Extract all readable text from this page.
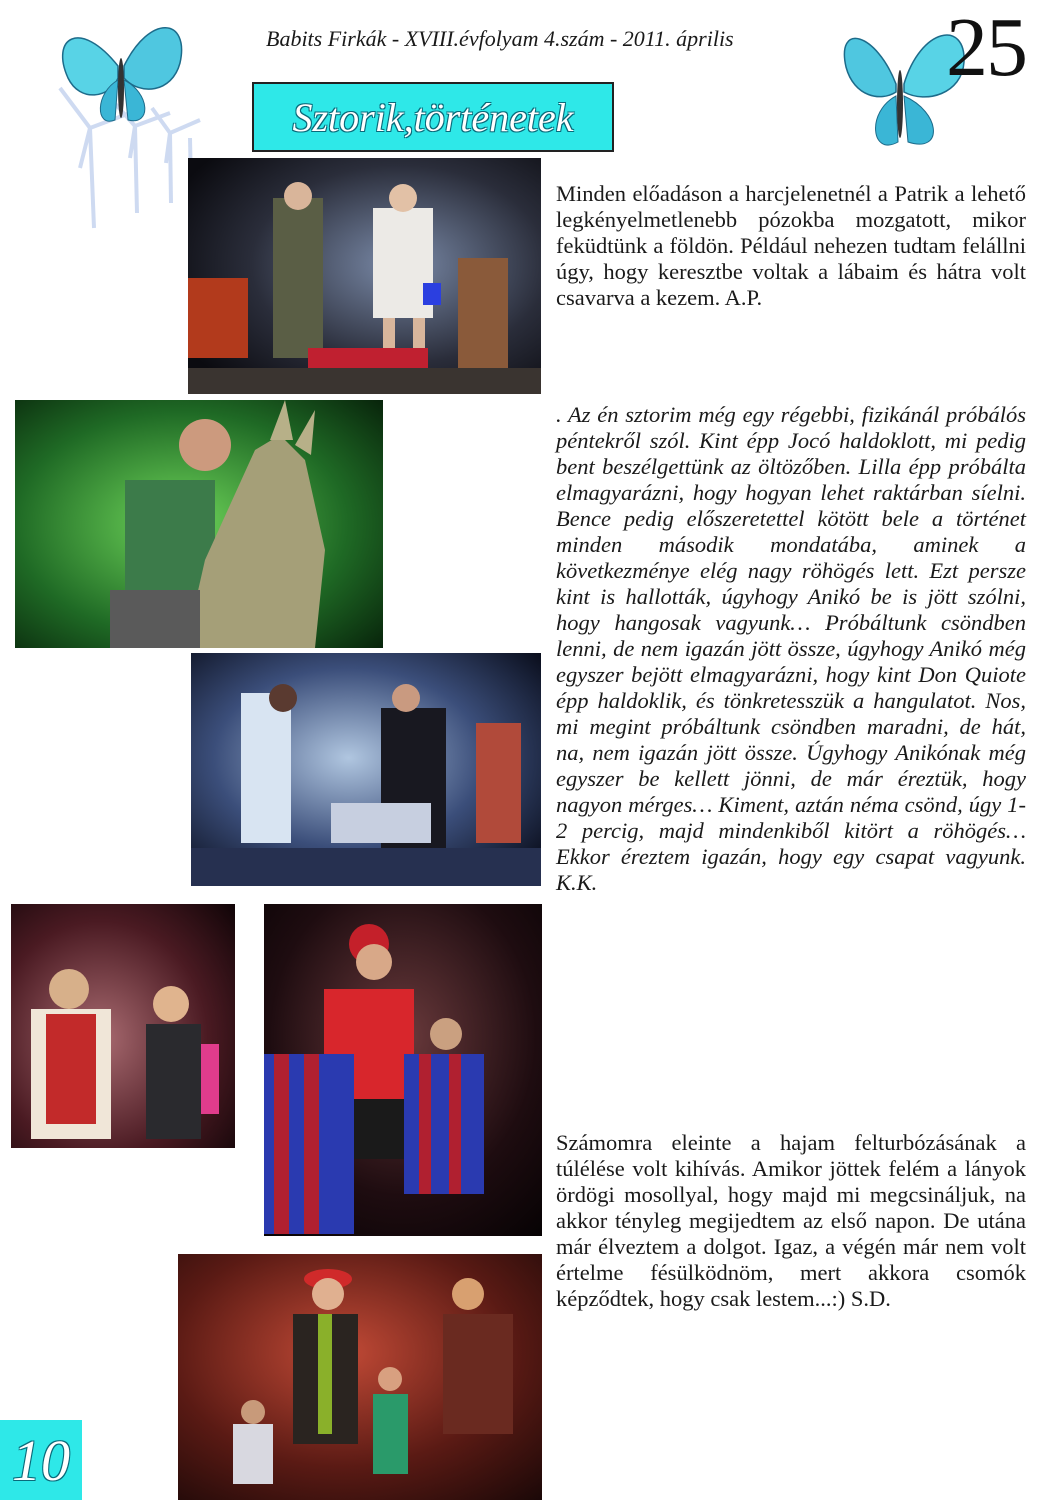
Babits Firkák - XVIII.évfolyam 4.szám - 2011. április	25
Sztorik,történetek

Minden előadáson a harcjelenetnél a Patrik a lehető legkényelmetlenebb pózokba mozgatott, mikor feküdtünk a földön. Például nehezen tudtam felállni úgy, hogy keresztbe voltak a lábaim és hátra volt csavarva a kezem. A.P.

. Az én sztorim még egy régebbi, fizikánál próbálós péntekről szól. Kint épp Jocó haldoklott, mi pedig bent beszélgettünk az öltözőben. Lilla épp próbálta elmagyarázni, hogy hogyan lehet raktárban síelni. Bence pedig előszeretettel kötött bele a történet minden második mondatába, aminek a következménye elég nagy röhögés lett. Ezt persze kint is hallották, úgyhogy Anikó be is jött szólni, hogy hangosak vagyunk… Próbáltunk csöndben lenni, de nem igazán jött össze, úgyhogy Anikó még egyszer bejött elmagyarázni, hogy kint Don Quiote épp haldoklik, és tönkretesszük a hangulatot. Nos, mi megint próbáltunk csöndben maradni, de hát, na, nem igazán jött össze. Úgyhogy Anikónak még egyszer be kellett jönni, de már éreztük, hogy nagyon mérges… Kiment, aztán néma csönd, úgy 1-2 percig, majd mindenkiből kitört a röhögés… Ekkor éreztem igazán, hogy egy csapat vagyunk. K.K.

Számomra eleinte a hajam felturbózásának a túlélése volt kihívás. Amikor jöttek felém a lányok ördögi mosollyal, hogy majd mi megcsináljuk, na akkor tényleg megijedtem az első napon. De utána már élveztem a dolgot. Igaz, a végén már nem volt értelme fésülködnöm, mert akkora csomók képződtek, hogy csak lestem...:) S.D.

10
